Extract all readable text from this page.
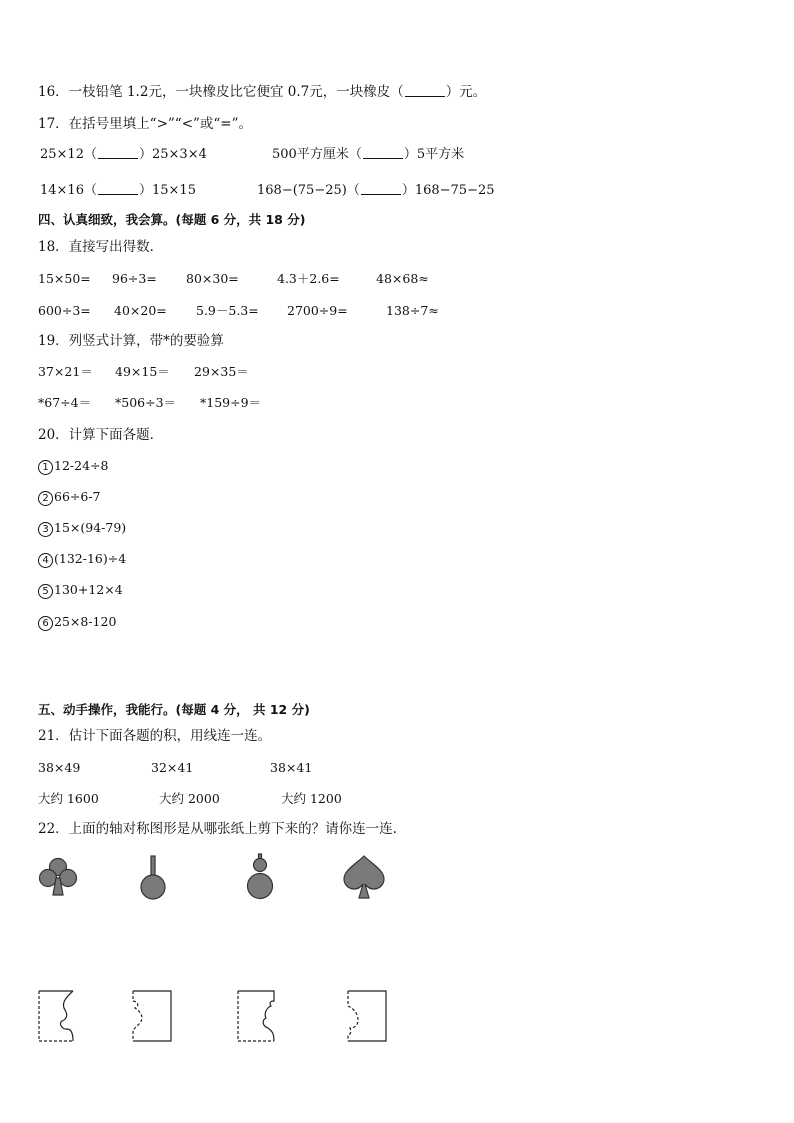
16．一枝铅笔 1.2元，一块橡皮比它便宜 0.7元，一块橡皮（	）元。
17．在括号里填上“>”“<”或“=”。
25×12（	）25×3×4	500平方厘米（	）5平方米
14×16（	）15×15	168−(75−25)（	）168−75−25
四、认真细致，我会算。(每题 6 分，共 18 分)
18．直接写出得数．
15×50= 96÷3= 80×30=	4.3＋2.6=	48×68≈
600÷3= 40×20= 5.9－5.3= 2700÷9=	138÷7≈
19．列竖式计算，带*的要验算
37×21＝ 49×15＝ 29×35＝
*67÷4＝ *506÷3＝ *159÷9＝
20．计算下面各题．
1 12-24÷8
2 66÷6-7
3 15×(94-79)
4 (132-16)÷4
5 130+12×4
6 25×8-120
五、动手操作，我能行。(每题 4 分， 共 12 分)
21．估计下面各题的积，用线连一连。
38×49	32×41	38×41
大约 1600	大约 2000	大约 1200
22．上面的轴对称图形是从哪张纸上剪下来的？请你连一连.
